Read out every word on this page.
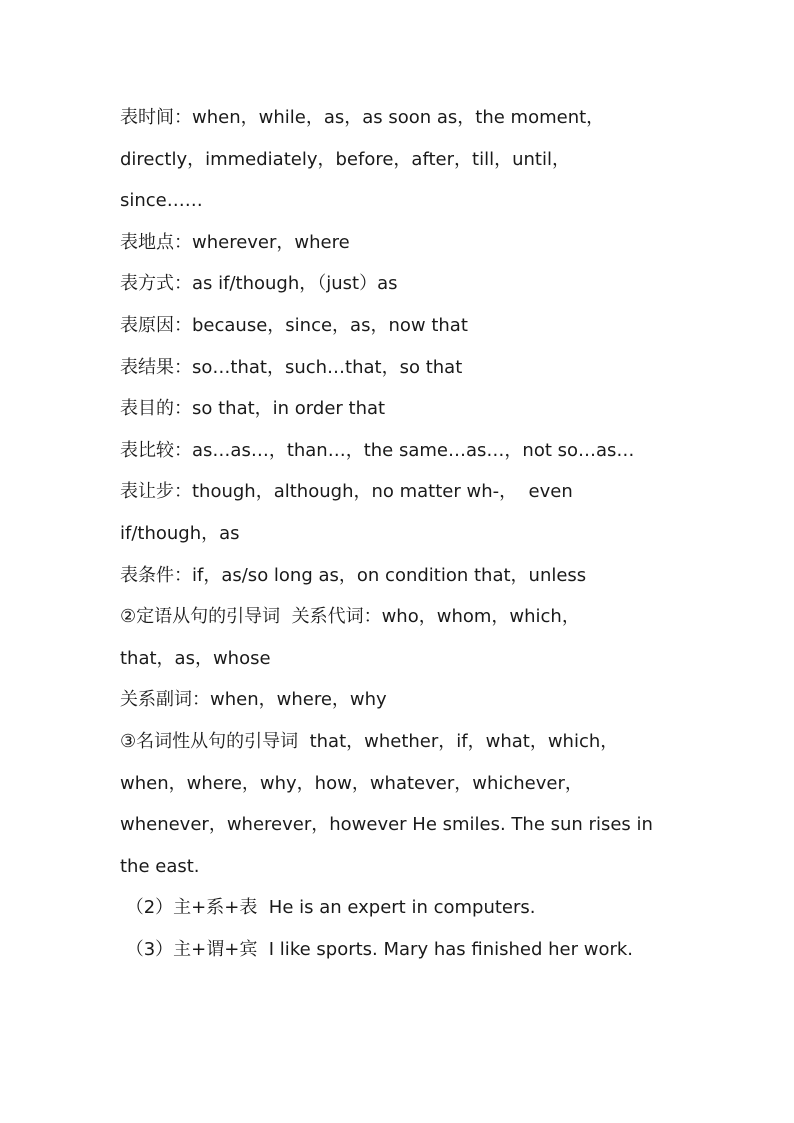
表时间：when，while，as，as soon as，the moment，
directly，immediately，before，after，till，until，
since……
表地点：wherever，where
表方式：as if/though，（just）as
表原因：because，since，as，now that
表结果：so…that，such…that，so that
表目的：so that，in order that
表比较：as…as…，than…，the same…as…，not so…as…
表让步：though，although，no matter wh-，  even
if/though，as
表条件：if，as/so long as，on condition that，unless
②定语从句的引导词  关系代词：who，whom，which，
that，as，whose
关系副词：when，where，why
③名词性从句的引导词  that，whether，if，what，which，
when，where，why，how，whatever，whichever，
whenever，wherever，however He smiles. The sun rises in
the east.
（2）主+系+表  He is an expert in computers.
（3）主+谓+宾  I like sports. Mary has finished her work.
